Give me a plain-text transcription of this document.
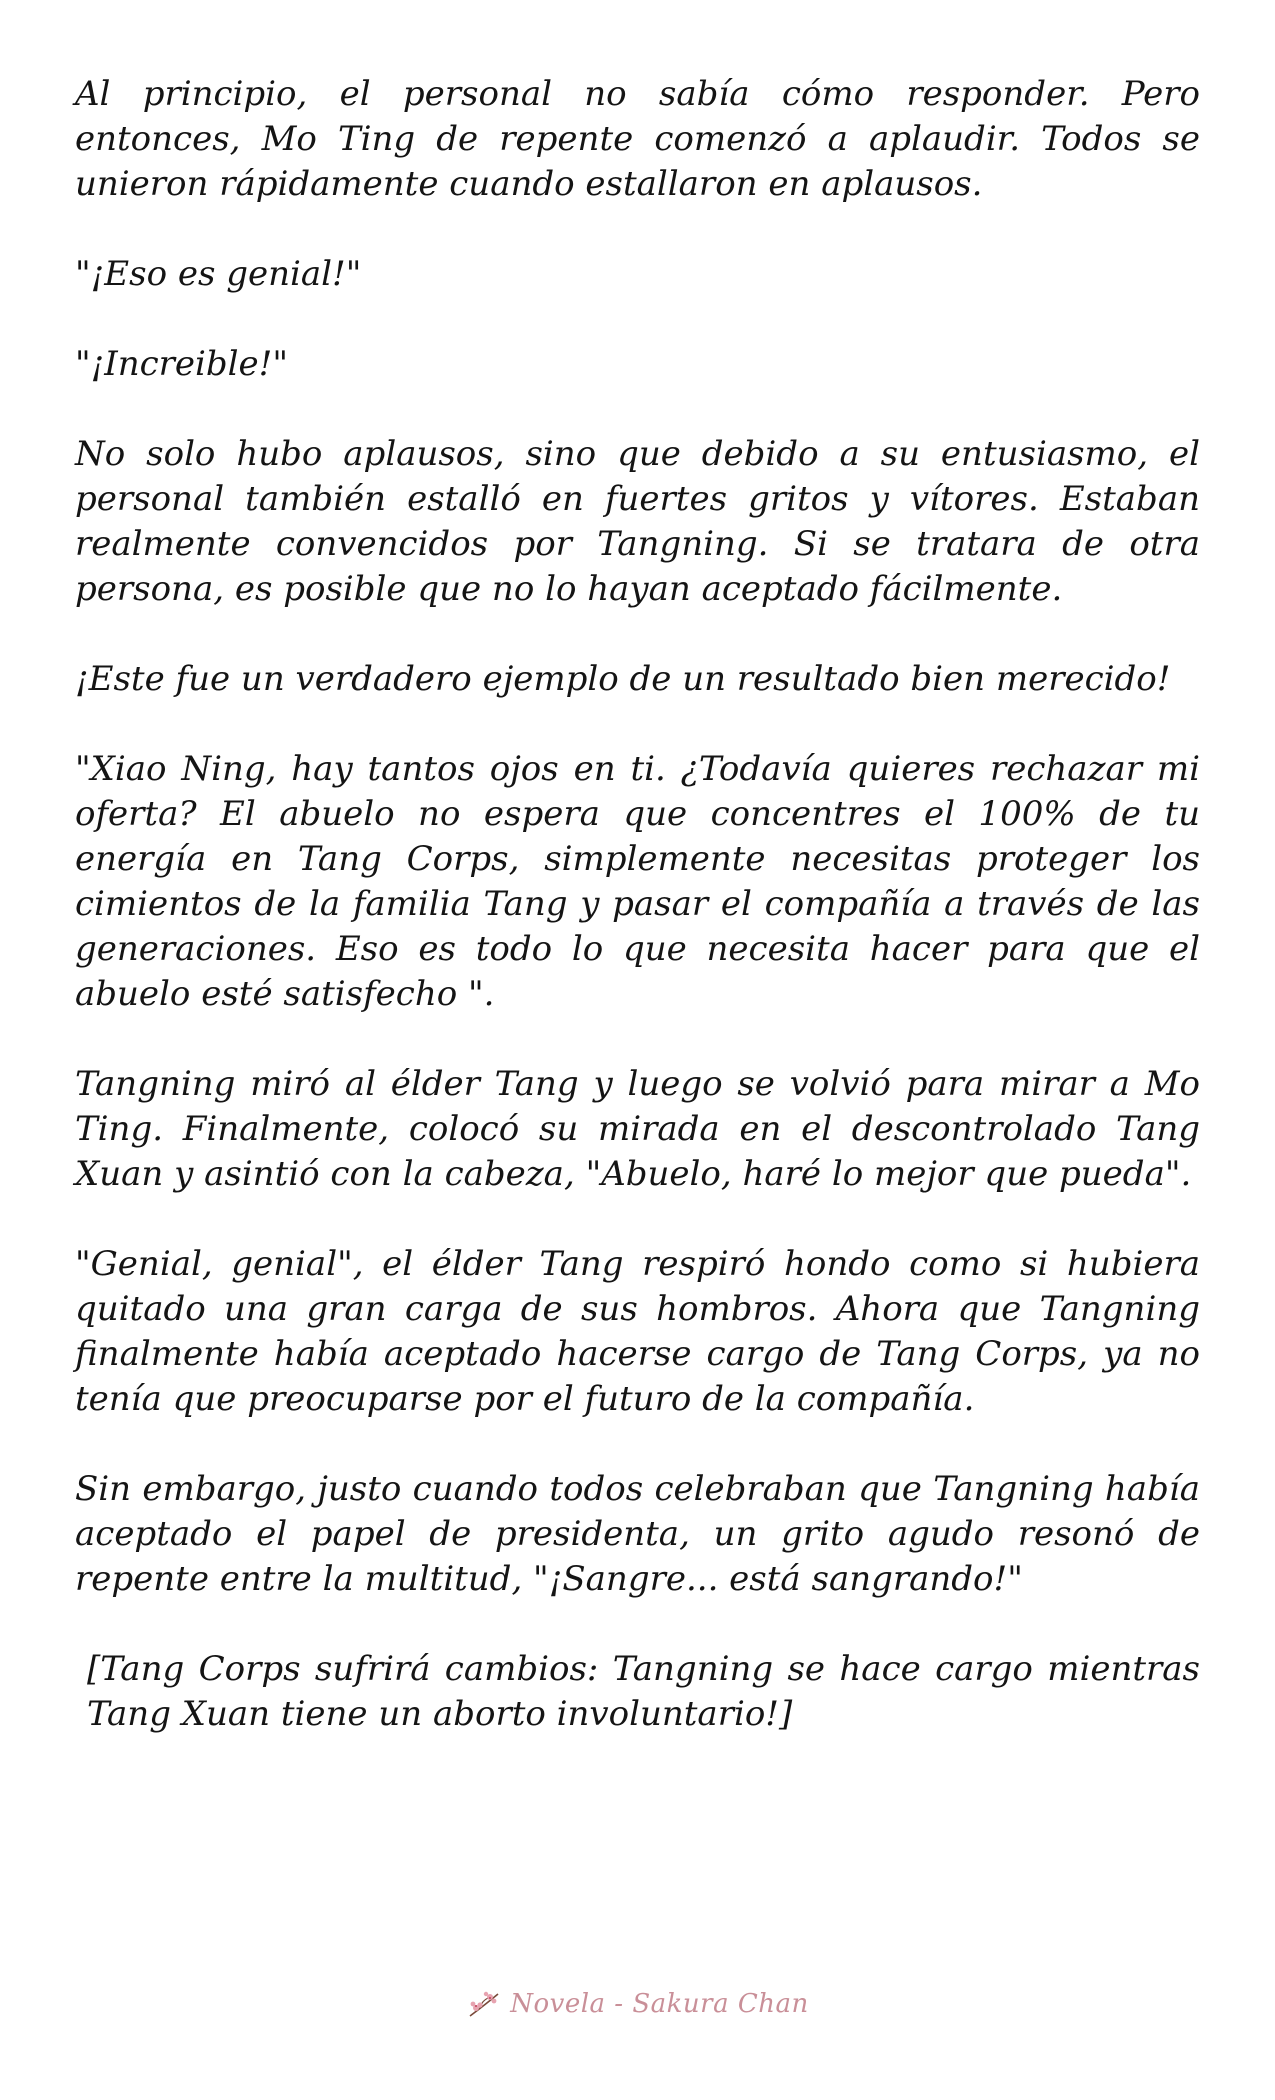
Al principio, el personal no sabía cómo responder. Pero entonces, Mo Ting de repente comenzó a aplaudir. Todos se unieron rápidamente cuando estallaron en aplausos.

"¡Eso es genial!"

"¡Increible!"

No solo hubo aplausos, sino que debido a su entusiasmo, el personal también estalló en fuertes gritos y vítores. Estaban realmente convencidos por Tangning. Si se tratara de otra persona, es posible que no lo hayan aceptado fácilmente.

¡Este fue un verdadero ejemplo de un resultado bien merecido!

"Xiao Ning, hay tantos ojos en ti. ¿Todavía quieres rechazar mi oferta? El abuelo no espera que concentres el 100% de tu energía en Tang Corps, simplemente necesitas proteger los cimientos de la familia Tang y pasar el compañía a través de las generaciones. Eso es todo lo que necesita hacer para que el abuelo esté satisfecho ".

Tangning miró al élder Tang y luego se volvió para mirar a Mo Ting. Finalmente, colocó su mirada en el descontrolado Tang Xuan y asintió con la cabeza, "Abuelo, haré lo mejor que pueda".

"Genial, genial", el élder Tang respiró hondo como si hubiera quitado una gran carga de sus hombros. Ahora que Tangning finalmente había aceptado hacerse cargo de Tang Corps, ya no tenía que preocuparse por el futuro de la compañía.

Sin embargo, justo cuando todos celebraban que Tangning había aceptado el papel de presidenta, un grito agudo resonó de repente entre la multitud, "¡Sangre... está sangrando!"

[Tang Corps sufrirá cambios: Tangning se hace cargo mientras Tang Xuan tiene un aborto involuntario!]

Novela - Sakura Chan
